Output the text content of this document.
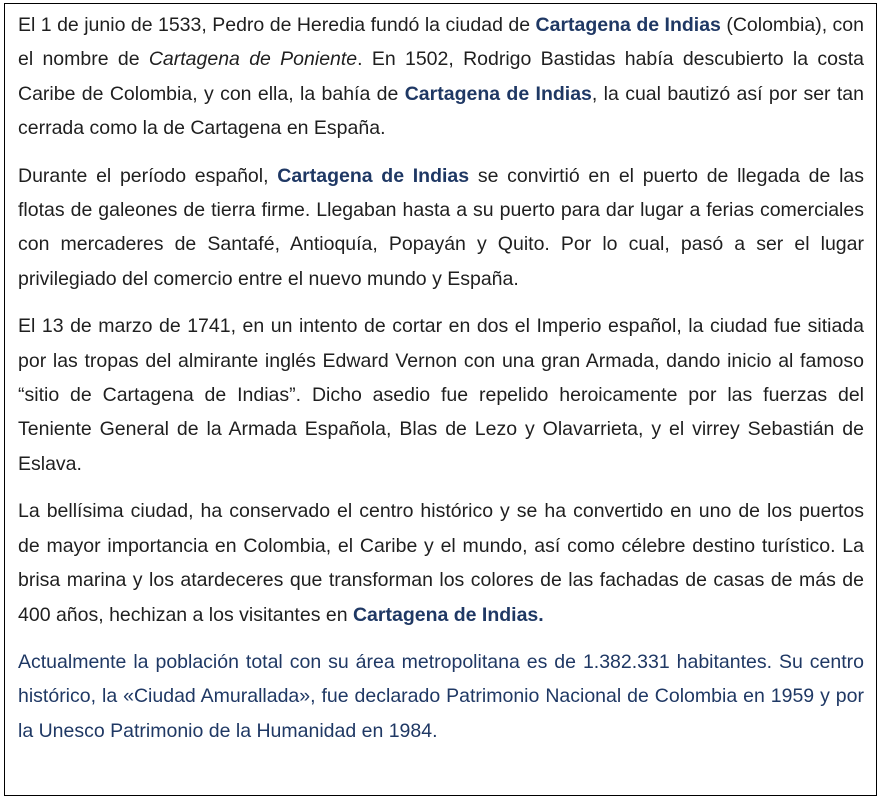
El 1 de junio de 1533, Pedro de Heredia fundó la ciudad de Cartagena de Indias (Colombia), con el nombre de Cartagena de Poniente. En 1502, Rodrigo Bastidas había descubierto la costa Caribe de Colombia, y con ella, la bahía de Cartagena de Indias, la cual bautizó así por ser tan cerrada como la de Cartagena en España.

Durante el período español, Cartagena de Indias se convirtió en el puerto de llegada de las flotas de galeones de tierra firme. Llegaban hasta a su puerto para dar lugar a ferias comerciales con mercaderes de Santafé, Antioquía, Popayán y Quito. Por lo cual, pasó a ser el lugar privilegiado del comercio entre el nuevo mundo y España.

El 13 de marzo de 1741, en un intento de cortar en dos el Imperio español, la ciudad fue sitiada por las tropas del almirante inglés Edward Vernon con una gran Armada, dando inicio al famoso “sitio de Cartagena de Indias”. Dicho asedio fue repelido heroicamente por las fuerzas del Teniente General de la Armada Española, Blas de Lezo y Olavarrieta, y el virrey Sebastián de Eslava.

La bellísima ciudad, ha conservado el centro histórico y se ha convertido en uno de los puertos de mayor importancia en Colombia, el Caribe y el mundo, así como célebre destino turístico. La brisa marina y los atardeceres que transforman los colores de las fachadas de casas de más de 400 años, hechizan a los visitantes en Cartagena de Indias.

Actualmente la población total con su área metropolitana es de 1.382.331 habitantes. Su centro histórico, la «Ciudad Amurallada», fue declarado Patrimonio Nacional de Colombia en 1959 y por la Unesco Patrimonio de la Humanidad en 1984.
